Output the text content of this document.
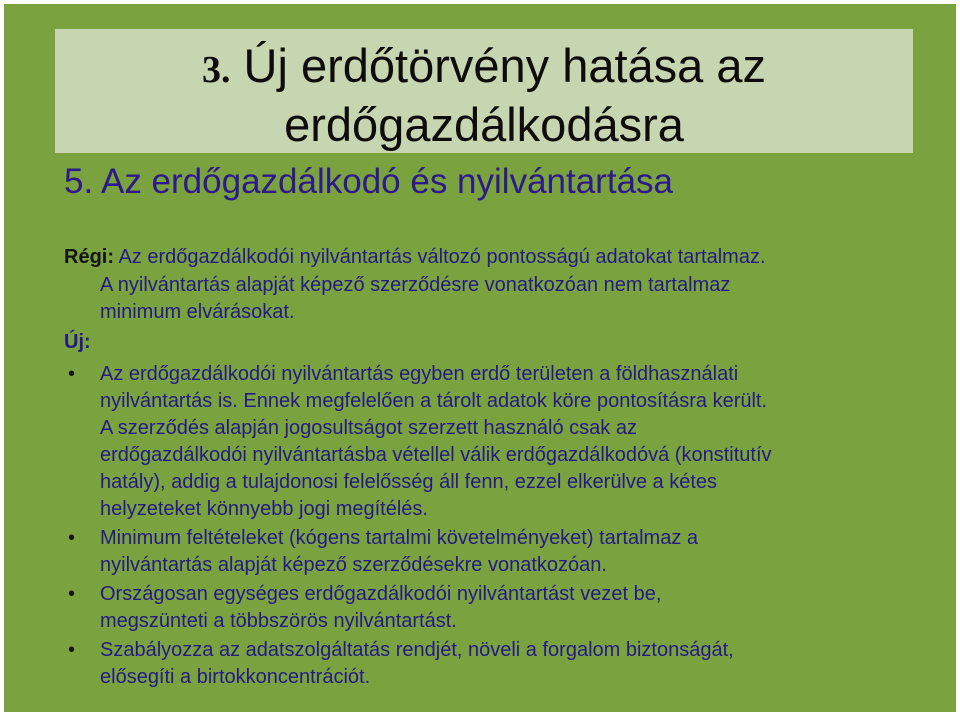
3. Új erdőtörvény hatása az
erdőgazdálkodásra
5. Az erdőgazdálkodó és nyilvántartása
Régi: Az erdőgazdálkodói nyilvántartás változó pontosságú adatokat tartalmaz.
A nyilvántartás alapját képező szerződésre vonatkozóan nem tartalmaz
minimum elvárásokat.
Új:
• Az erdőgazdálkodói nyilvántartás egyben erdő területen a földhasználati
nyilvántartás is. Ennek megfelelően a tárolt adatok köre pontosításra került.
A szerződés alapján jogosultságot szerzett használó csak az
erdőgazdálkodói nyilvántartásba vétellel válik erdőgazdálkodóvá (konstitutív
hatály), addig a tulajdonosi felelősség áll fenn, ezzel elkerülve a kétes
helyzeteket könnyebb jogi megítélés.
• Minimum feltételeket (kógens tartalmi követelményeket) tartalmaz a
nyilvántartás alapját képező szerződésekre vonatkozóan.
• Országosan egységes erdőgazdálkodói nyilvántartást vezet be,
megszünteti a többszörös nyilvántartást.
• Szabályozza az adatszolgáltatás rendjét, növeli a forgalom biztonságát,
elősegíti a birtokkoncentrációt.
